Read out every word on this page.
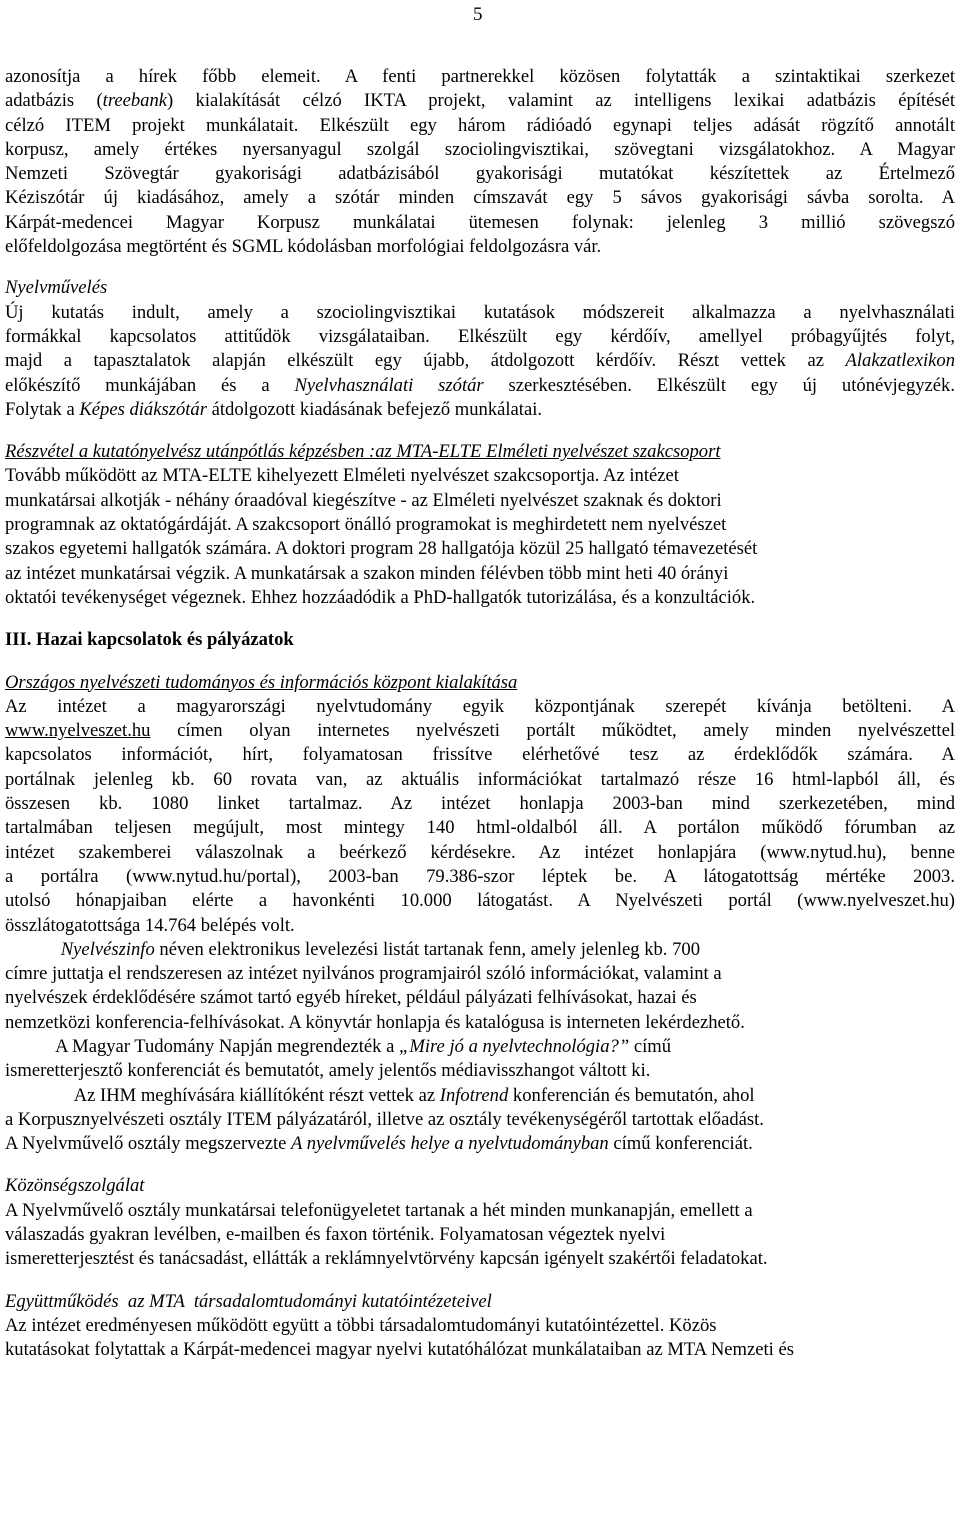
5

azonosítja a hírek főbb elemeit. A fenti partnerekkel közösen folytatták a szintaktikai szerkezet

adatbázis (treebank) kialakítását célzó IKTA projekt, valamint az intelligens lexikai adatbázis építését

célzó ITEM projekt munkálatait. Elkészült egy három rádióadó egynapi teljes adását rögzítő annotált

korpusz, amely értékes nyersanyagul szolgál szociolingvisztikai, szövegtani vizsgálatokhoz. A Magyar

Nemzeti Szövegtár gyakorisági adatbázisából gyakorisági mutatókat készítettek az Értelmező

Kéziszótár új kiadásához, amely a szótár minden címszavát egy 5 sávos gyakorisági sávba sorolta. A

Kárpát-medencei Magyar Korpusz munkálatai ütemesen folynak: jelenleg 3 millió szövegszó

előfeldolgozása megtörtént és SGML kódolásban morfológiai feldolgozásra vár.

Nyelvművelés

Új kutatás indult, amely a szociolingvisztikai kutatások módszereit alkalmazza a nyelvhasználati

formákkal kapcsolatos attitűdök vizsgálataiban. Elkészült egy kérdőív, amellyel próbagyűjtés folyt,

majd a tapasztalatok alapján elkészült egy újabb, átdolgozott kérdőív. Részt vettek az Alakzatlexikon

előkészítő munkájában és a Nyelvhasználati szótár szerkesztésében. Elkészült egy új utónévjegyzék.

Folytak a Képes diákszótár átdolgozott kiadásának befejező munkálatai.

Részvétel a kutatónyelvész utánpótlás képzésben :az MTA-ELTE Elméleti nyelvészet szakcsoport

Tovább működött az MTA-ELTE kihelyezett Elméleti nyelvészet szakcsoportja. Az intézet

munkatársai alkotják - néhány óraadóval kiegészítve - az Elméleti nyelvészet szaknak és doktori

programnak az oktatógárdáját. A szakcsoport önálló programokat is meghirdetett nem nyelvészet

szakos egyetemi hallgatók számára. A doktori program 28 hallgatója közül 25 hallgató témavezetését

az intézet munkatársai végzik. A munkatársak a szakon minden félévben több mint heti 40 órányi

oktatói tevékenységet végeznek. Ehhez hozzáadódik a PhD-hallgatók tutorizálása, és a konzultációk.

III. Hazai kapcsolatok és pályázatok

Országos nyelvészeti tudományos és információs központ kialakítása

Az intézet a magyarországi nyelvtudomány egyik központjának szerepét kívánja betölteni. A

www.nyelveszet.hu címen olyan internetes nyelvészeti portált működtet, amely minden nyelvészettel

kapcsolatos információt, hírt, folyamatosan frissítve elérhetővé tesz az érdeklődők számára. A

portálnak jelenleg kb. 60 rovata van, az aktuális információkat tartalmazó része 16 html-lapból áll, és

összesen kb. 1080 linket tartalmaz. Az intézet honlapja 2003-ban mind szerkezetében, mind

tartalmában teljesen megújult, most mintegy 140 html-oldalból áll. A portálon működő fórumban az

intézet szakemberei válaszolnak a beérkező kérdésekre. Az intézet honlapjára (www.nytud.hu), benne

a portálra (www.nytud.hu/portal), 2003-ban 79.386-szor léptek be. A látogatottság mértéke 2003.

utolsó hónapjaiban elérte a havonkénti 10.000 látogatást. A Nyelvészeti portál (www.nyelveszet.hu)

összlátogatottsága 14.764 belépés volt.

Nyelvészinfo néven elektronikus levelezési listát tartanak fenn, amely jelenleg kb. 700

címre juttatja el rendszeresen az intézet nyilvános programjairól szóló információkat, valamint a

nyelvészek érdeklődésére számot tartó egyéb híreket, például pályázati felhívásokat, hazai és

nemzetközi konferencia-felhívásokat. A könyvtár honlapja és katalógusa is interneten lekérdezhető.

A Magyar Tudomány Napján megrendezték a „Mire jó a nyelvtechnológia?” című

ismeretterjesztő konferenciát és bemutatót, amely jelentős médiavisszhangot váltott ki.

Az IHM meghívására kiállítóként részt vettek az Infotrend konferencián és bemutatón, ahol

a Korpusznyelvészeti osztály ITEM pályázatáról, illetve az osztály tevékenységéről tartottak előadást.

A Nyelvművelő osztály megszervezte A nyelvművelés helye a nyelvtudományban című konferenciát.

Közönségszolgálat

A Nyelvművelő osztály munkatársai telefonügyeletet tartanak a hét minden munkanapján, emellett a

válaszadás gyakran levélben, e-mailben és faxon történik. Folyamatosan végeztek nyelvi

ismeretterjesztést és tanácsadást, ellátták a reklámnyelvtörvény kapcsán igényelt szakértői feladatokat.

Együttműködés  az MTA  társadalomtudományi kutatóintézeteivel

Az intézet eredményesen működött együtt a többi társadalomtudományi kutatóintézettel. Közös

kutatásokat folytattak a Kárpát-medencei magyar nyelvi kutatóhálózat munkálataiban az MTA Nemzeti és
